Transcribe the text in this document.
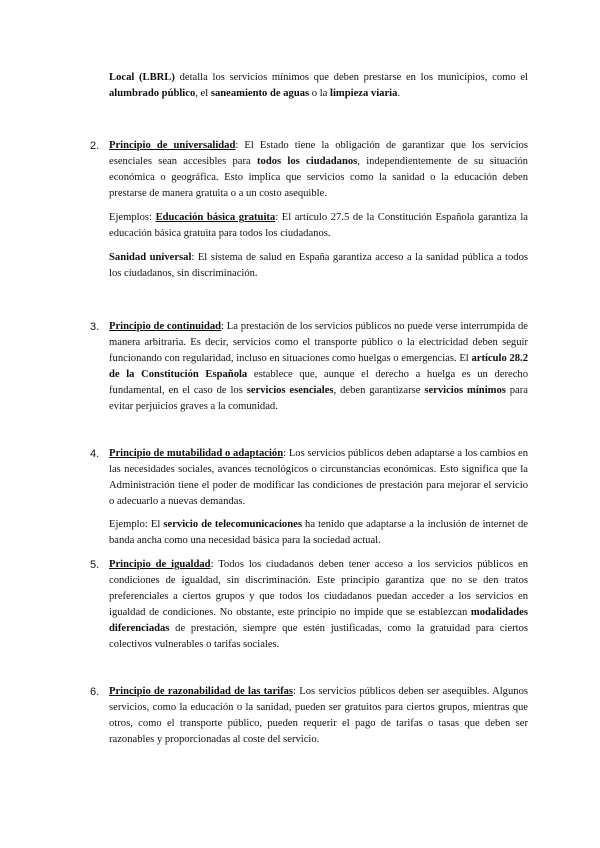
Local (LBRL) detalla los servicios mínimos que deben prestarse en los municipios, como el alumbrado público, el saneamiento de aguas o la limpieza viaria.

2. Principio de universalidad: El Estado tiene la obligación de garantizar que los servicios esenciales sean accesibles para todos los ciudadanos, independientemente de su situación económica o geográfica. Esto implica que servicios como la sanidad o la educación deben prestarse de manera gratuita o a un costo asequible.

Ejemplos: Educación básica gratuita: El artículo 27.5 de la Constitución Española garantiza la educación básica gratuita para todos los ciudadanos.

Sanidad universal: El sistema de salud en España garantiza acceso a la sanidad pública a todos los ciudadanos, sin discriminación.

3. Principio de continuidad: La prestación de los servicios públicos no puede verse interrumpida de manera arbitraria. Es decir, servicios como el transporte público o la electricidad deben seguir funcionando con regularidad, incluso en situaciones como huelgas o emergencias. El artículo 28.2 de la Constitución Española establece que, aunque el derecho a huelga es un derecho fundamental, en el caso de los servicios esenciales, deben garantizarse servicios mínimos para evitar perjuicios graves a la comunidad.

4. Principio de mutabilidad o adaptación: Los servicios públicos deben adaptarse a los cambios en las necesidades sociales, avances tecnológicos o circunstancias económicas. Esto significa que la Administración tiene el poder de modificar las condiciones de prestación para mejorar el servicio o adecuarlo a nuevas demandas.

Ejemplo: El servicio de telecomunicaciones ha tenido que adaptarse a la inclusión de internet de banda ancha como una necesidad básica para la sociedad actual.

5. Principio de igualdad: Todos los ciudadanos deben tener acceso a los servicios públicos en condiciones de igualdad, sin discriminación. Este principio garantiza que no se den tratos preferenciales a ciertos grupos y que todos los ciudadanos puedan acceder a los servicios en igualdad de condiciones. No obstante, este principio no impide que se establezcan modalidades diferenciadas de prestación, siempre que estén justificadas, como la gratuidad para ciertos colectivos vulnerables o tarifas sociales.

6. Principio de razonabilidad de las tarifas: Los servicios públicos deben ser asequibles. Algunos servicios, como la educación o la sanidad, pueden ser gratuitos para ciertos grupos, mientras que otros, como el transporte público, pueden requerir el pago de tarifas o tasas que deben ser razonables y proporcionadas al coste del servicio.
